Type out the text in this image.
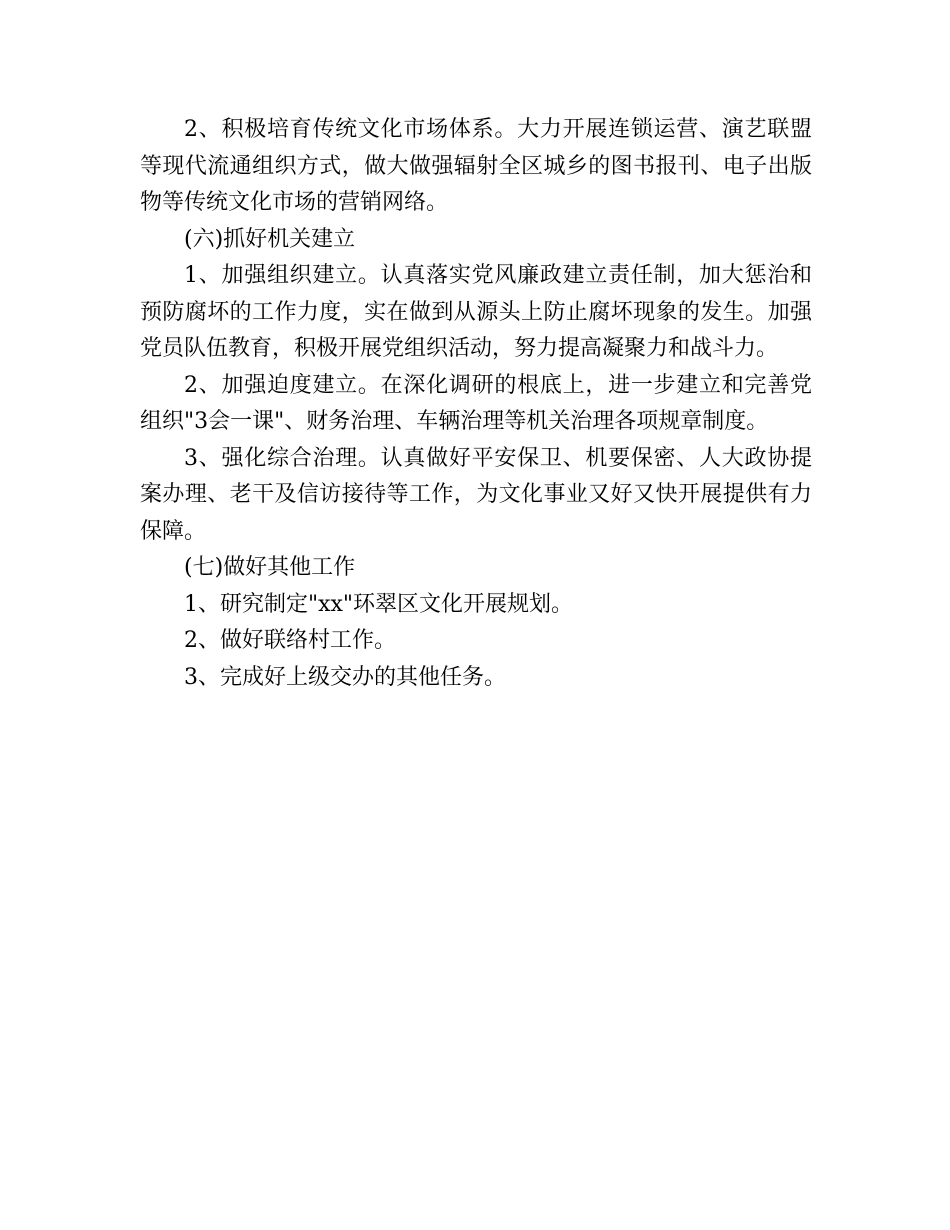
2、积极培育传统文化市场体系。大力开展连锁运营、演艺联盟等现代流通组织方式，做大做强辐射全区城乡的图书报刊、电子出版物等传统文化市场的营销网络。

(六)抓好机关建立

1、加强组织建立。认真落实党风廉政建立责任制，加大惩治和预防腐坏的工作力度，实在做到从源头上防止腐坏现象的发生。加强党员队伍教育，积极开展党组织活动，努力提高凝聚力和战斗力。

2、加强迫度建立。在深化调研的根底上，进一步建立和完善党组织"3会一课"、财务治理、车辆治理等机关治理各项规章制度。

3、强化综合治理。认真做好平安保卫、机要保密、人大政协提案办理、老干及信访接待等工作，为文化事业又好又快开展提供有力保障。

(七)做好其他工作

1、研究制定"xx"环翠区文化开展规划。

2、做好联络村工作。

3、完成好上级交办的其他任务。
